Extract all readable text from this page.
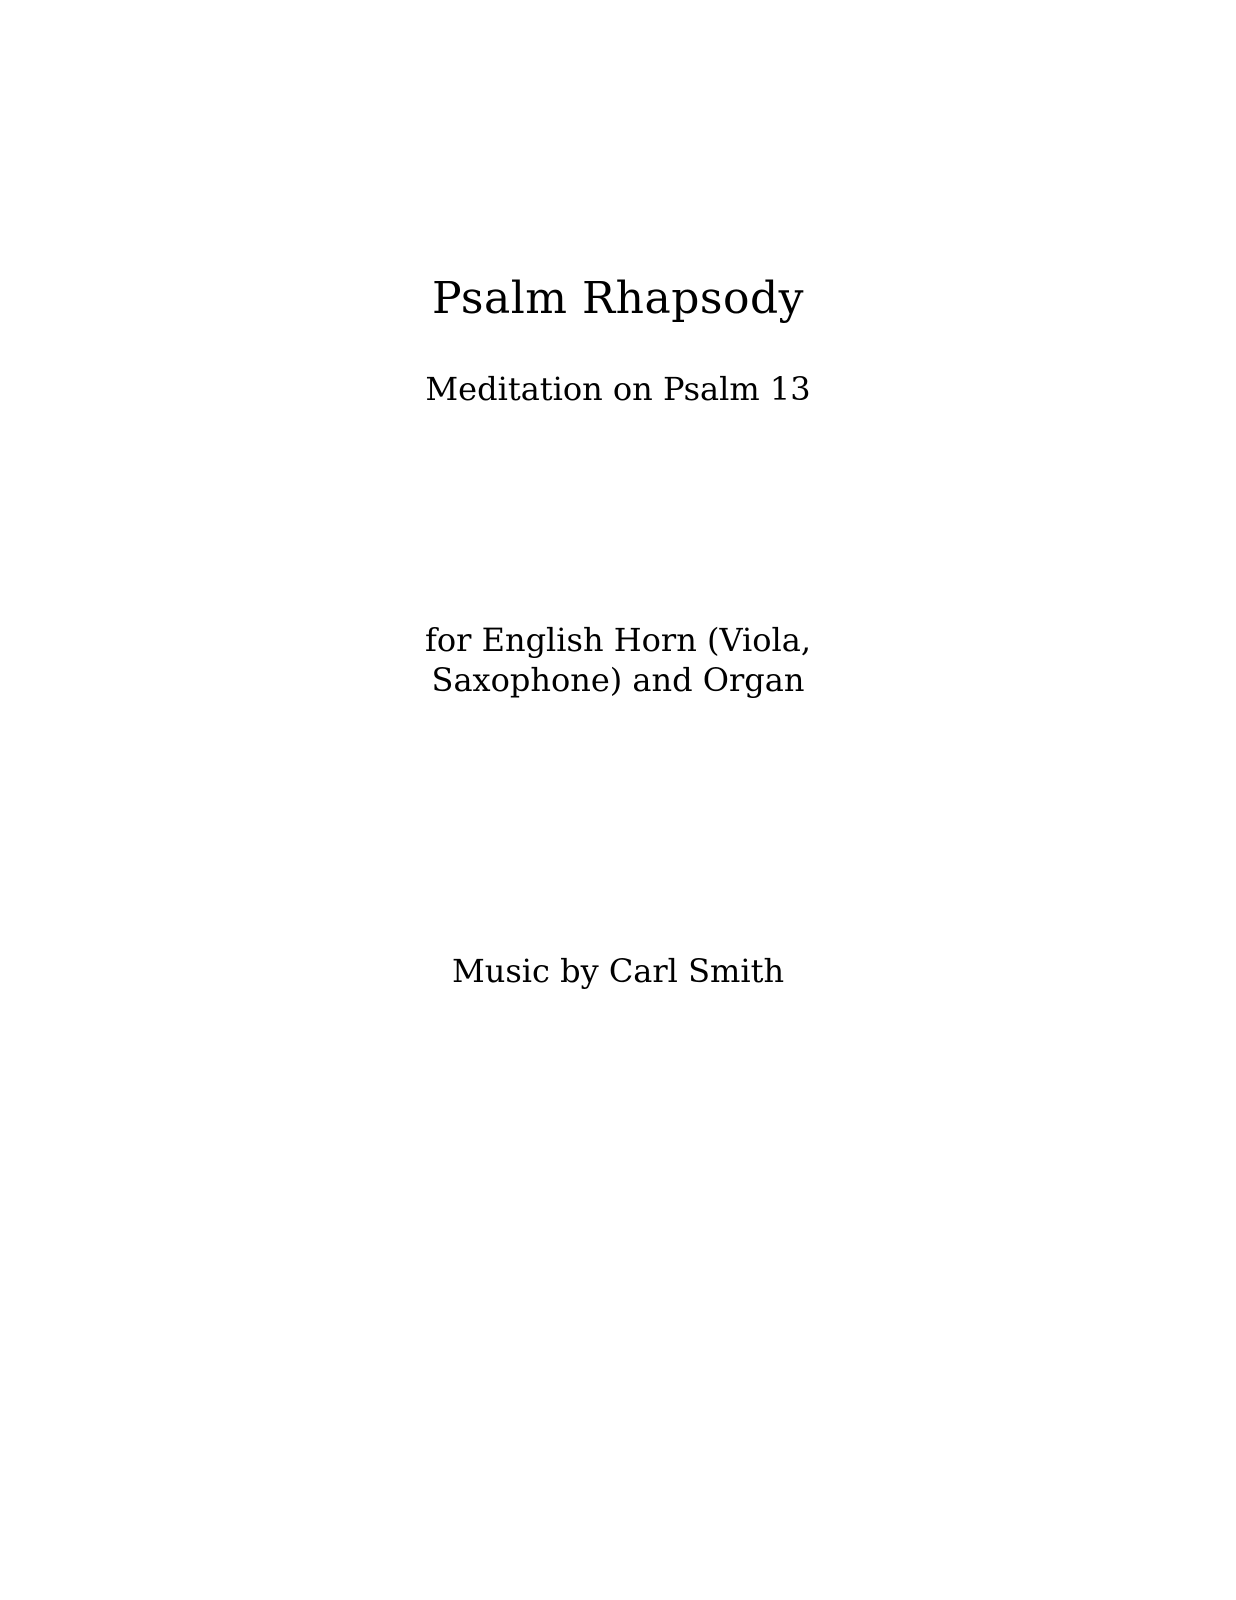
Psalm Rhapsody
Meditation on Psalm 13
for English Horn (Viola,
Saxophone) and Organ
Music by Carl Smith
